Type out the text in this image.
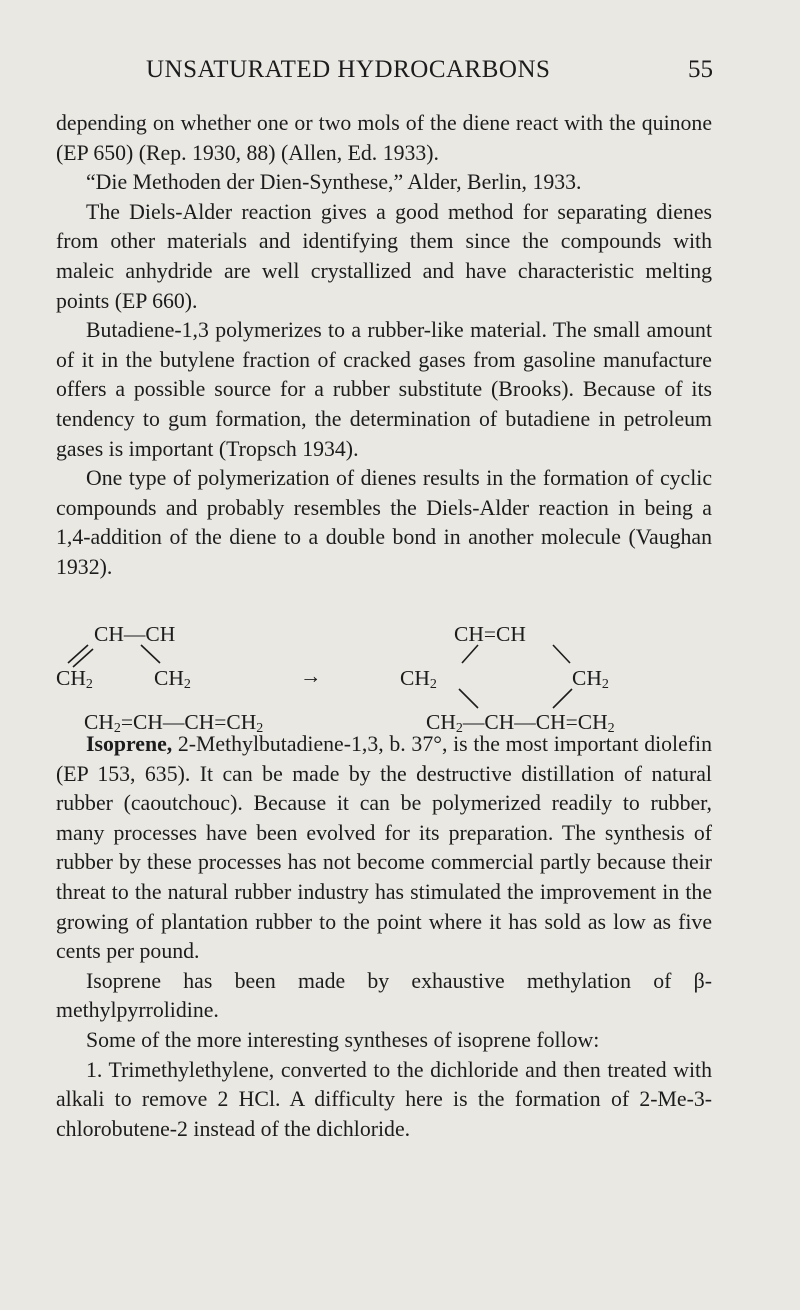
UNSATURATED HYDROCARBONS	55

depending on whether one or two mols of the diene react with the quinone (EP 650) (Rep. 1930, 88) (Allen, Ed. 1933).

“Die Methoden der Dien-Synthese,” Alder, Berlin, 1933.

The Diels-Alder reaction gives a good method for separating dienes from other materials and identifying them since the compounds with maleic anhydride are well crystallized and have characteristic melting points (EP 660).

Butadiene-1,3 polymerizes to a rubber-like material. The small amount of it in the butylene fraction of cracked gases from gasoline manufacture offers a possible source for a rubber substitute (Brooks). Because of its tendency to gum formation, the determination of butadiene in petroleum gases is important (Tropsch 1934).

One type of polymerization of dienes results in the formation of cyclic compounds and probably resembles the Diels-Alder reaction in being a 1,4-addition of the diene to a double bond in another molecule (Vaughan 1932).

CH—CH
$CH_2$	$CH_2$
$CH_2=CH—CH=CH_2$
→
CH=CH
$CH_2$	$CH_2$
$CH_2—CH—CH=CH_2$

Isoprene, 2-Methylbutadiene-1,3, b. 37°, is the most important diolefin (EP 153, 635). It can be made by the destructive distillation of natural rubber (caoutchouc). Because it can be polymerized readily to rubber, many processes have been evolved for its preparation. The synthesis of rubber by these processes has not become commercial partly because their threat to the natural rubber industry has stimulated the improvement in the growing of plantation rubber to the point where it has sold as low as five cents per pound.

Isoprene has been made by exhaustive methylation of β-methylpyrrolidine.

Some of the more interesting syntheses of isoprene follow:

1. Trimethylethylene, converted to the dichloride and then treated with alkali to remove 2 HCl. A difficulty here is the formation of 2-Me-3-chlorobutene-2 instead of the dichloride.
